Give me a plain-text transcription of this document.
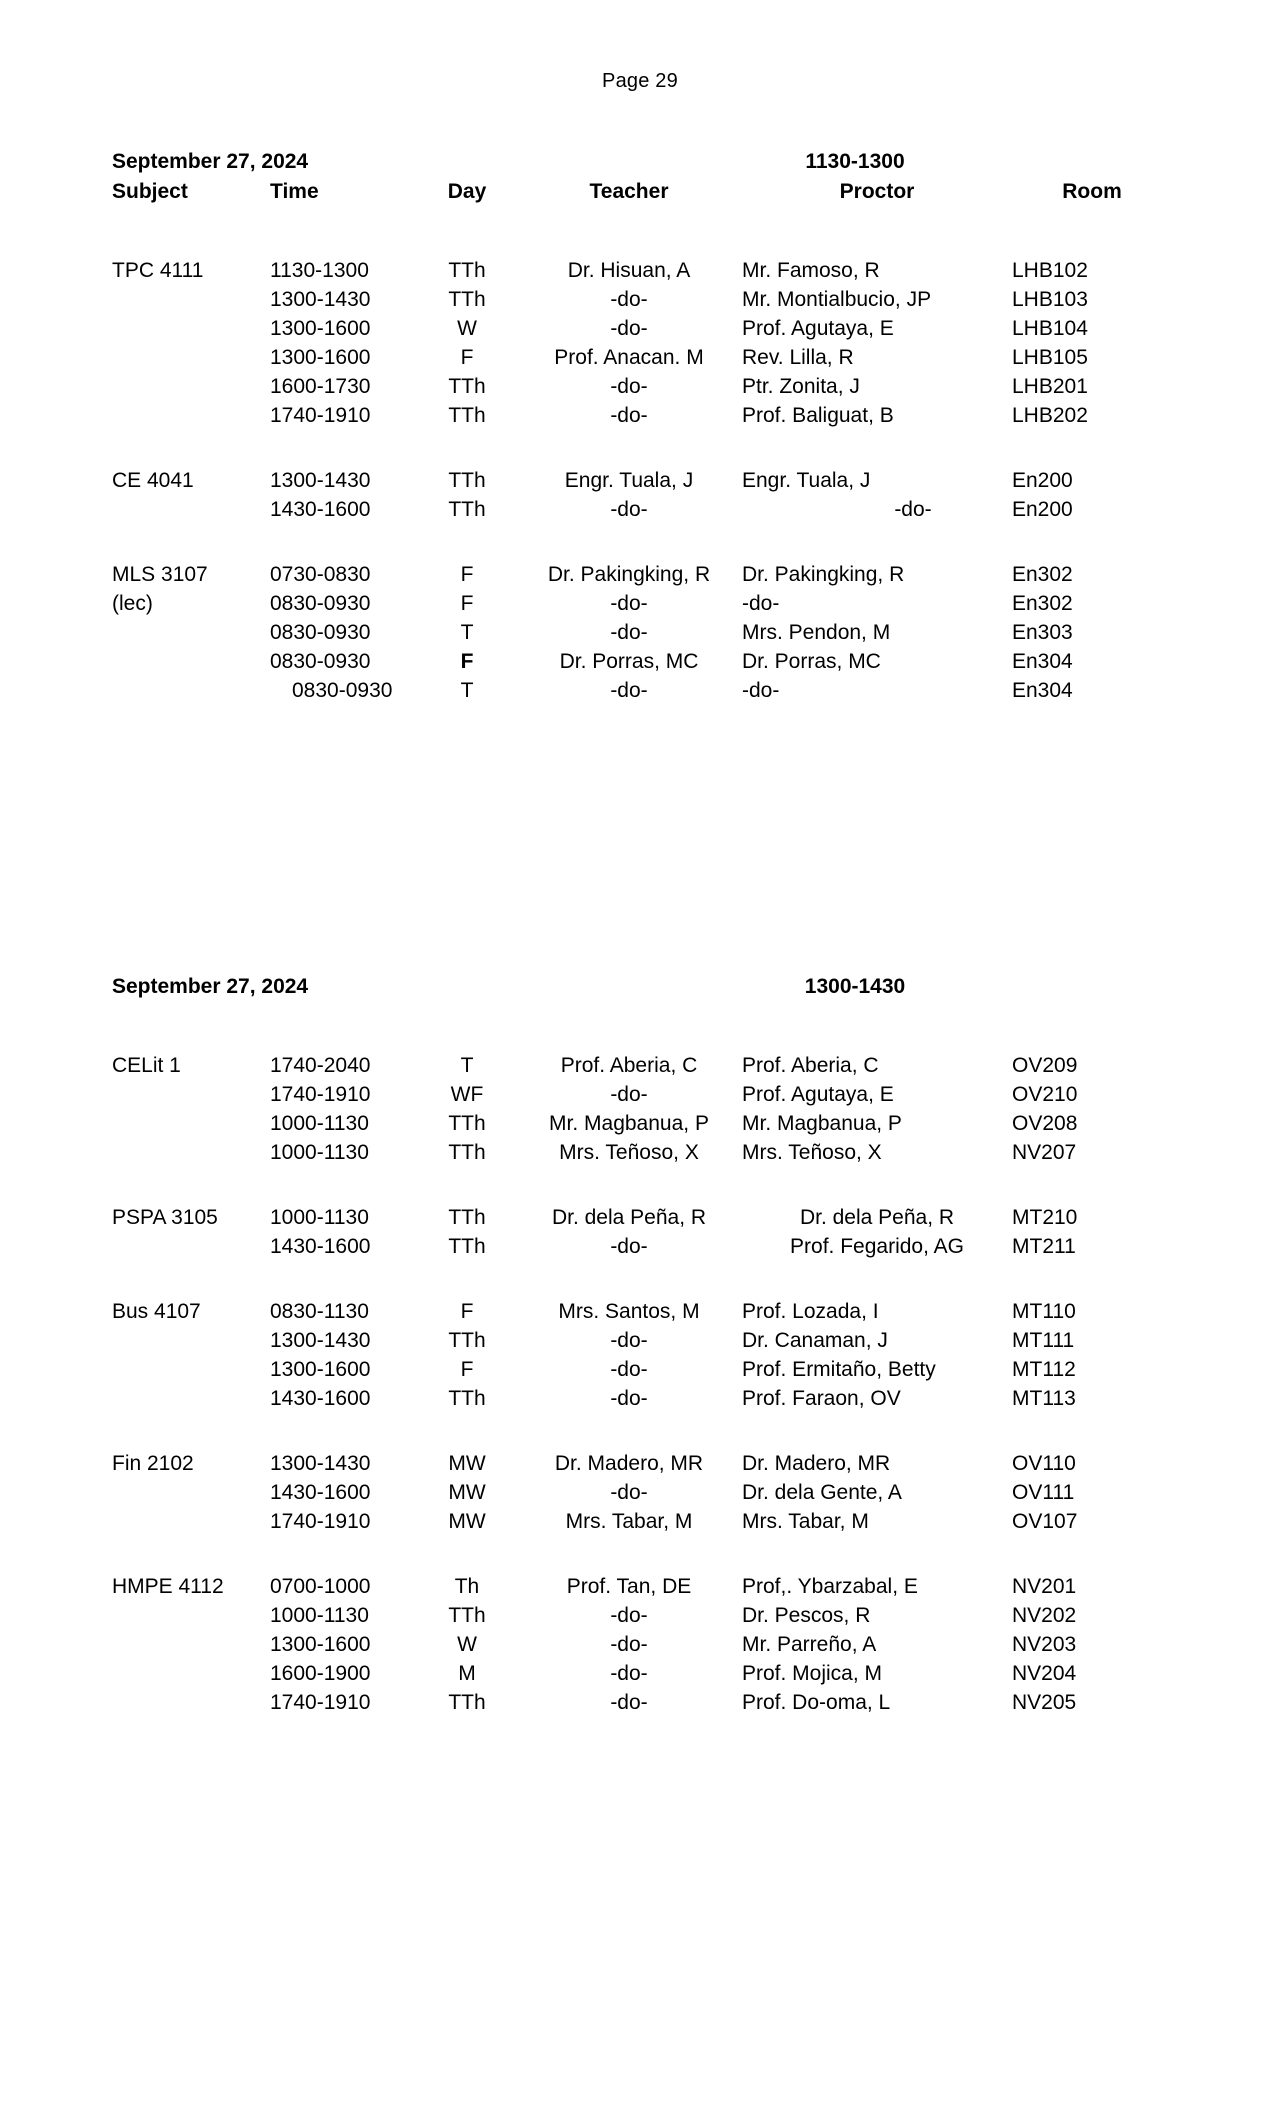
Page 29
September 27, 2024	1130-1300
Subject	Time	Day	Teacher	Proctor	Room

TPC 4111	1130-1300	TTh	Dr. Hisuan, A	Mr. Famoso, R	LHB102
	1300-1430	TTh	-do-	Mr. Montialbucio, JP	LHB103
	1300-1600	W	-do-	Prof. Agutaya, E	LHB104
	1300-1600	F	Prof. Anacan. M	Rev. Lilla, R	LHB105
	1600-1730	TTh	-do-	Ptr. Zonita, J	LHB201
	1740-1910	TTh	-do-	Prof. Baliguat, B	LHB202

CE 4041	1300-1430	TTh	Engr. Tuala, J	Engr. Tuala, J	En200
	1430-1600	TTh	-do-	-do-	En200

MLS 3107	0730-0830	F	Dr. Pakingking, R	Dr. Pakingking, R	En302
(lec)	0830-0930	F	-do-	-do-	En302
	0830-0930	T	-do-	Mrs. Pendon, M	En303
	0830-0930	F	Dr. Porras, MC	Dr. Porras, MC	En304
	0830-0930	T	-do-	-do-	En304
September 27, 2024	1300-1430

CELit 1	1740-2040	T	Prof. Aberia, C	Prof. Aberia, C	OV209
	1740-1910	WF	-do-	Prof. Agutaya, E	OV210
	1000-1130	TTh	Mr. Magbanua, P	Mr. Magbanua, P	OV208
	1000-1130	TTh	Mrs. Teñoso, X	Mrs. Teñoso, X	NV207

PSPA 3105	1000-1130	TTh	Dr. dela Peña, R	Dr. dela Peña, R	MT210
	1430-1600	TTh	-do-	Prof. Fegarido, AG	MT211

Bus 4107	0830-1130	F	Mrs. Santos, M	Prof. Lozada, I	MT110
	1300-1430	TTh	-do-	Dr. Canaman, J	MT111
	1300-1600	F	-do-	Prof. Ermitaño, Betty	MT112
	1430-1600	TTh	-do-	Prof. Faraon, OV	MT113

Fin 2102	1300-1430	MW	Dr. Madero, MR	Dr. Madero, MR	OV110
	1430-1600	MW	-do-	Dr. dela Gente, A	OV111
	1740-1910	MW	Mrs. Tabar, M	Mrs. Tabar, M	OV107

HMPE 4112	0700-1000	Th	Prof. Tan, DE	Prof,. Ybarzabal, E	NV201
	1000-1130	TTh	-do-	Dr. Pescos, R	NV202
	1300-1600	W	-do-	Mr. Parreño, A	NV203
	1600-1900	M	-do-	Prof. Mojica, M	NV204
	1740-1910	TTh	-do-	Prof. Do-oma, L	NV205
